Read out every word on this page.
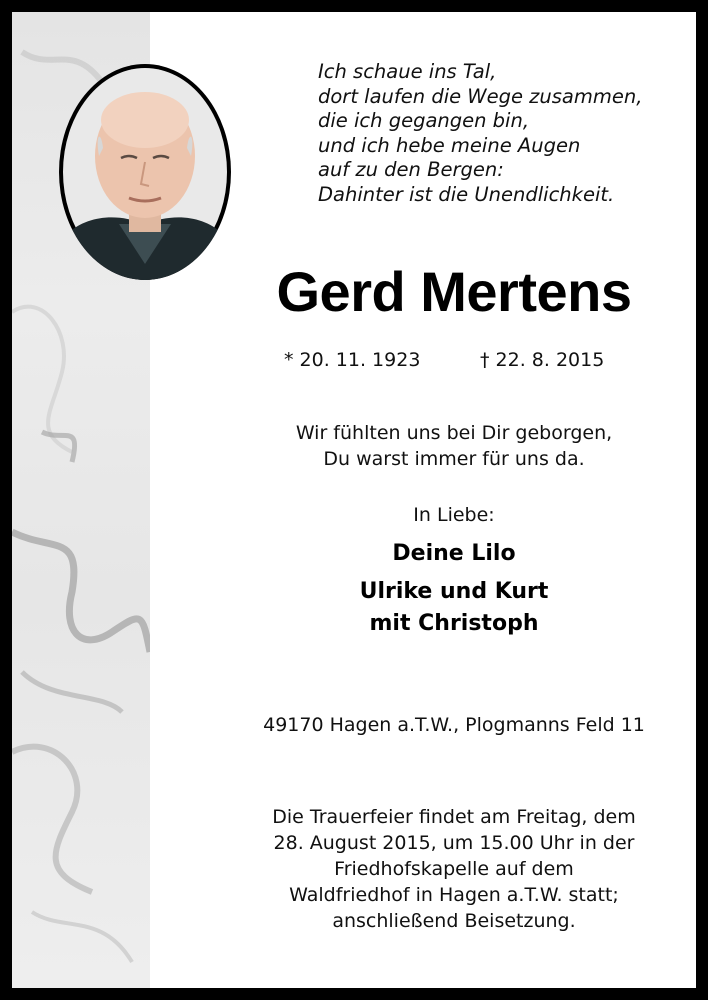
Ich schaue ins Tal,
dort laufen die Wege zusammen,
die ich gegangen bin,
und ich hebe meine Augen
auf zu den Bergen:
Dahinter ist die Unendlichkeit.
Gerd Mertens
* 20. 11. 1923	† 22. 8. 2015
Wir fühlten uns bei Dir geborgen,
Du warst immer für uns da.
In Liebe:
Deine Lilo
Ulrike und Kurt
mit Christoph
49170 Hagen a.T.W., Plogmanns Feld 11
Die Trauerfeier findet am Freitag, dem
28. August 2015, um 15.00 Uhr in der
Friedhofskapelle auf dem
Waldfriedhof in Hagen a.T.W. statt;
anschließend Beisetzung.
